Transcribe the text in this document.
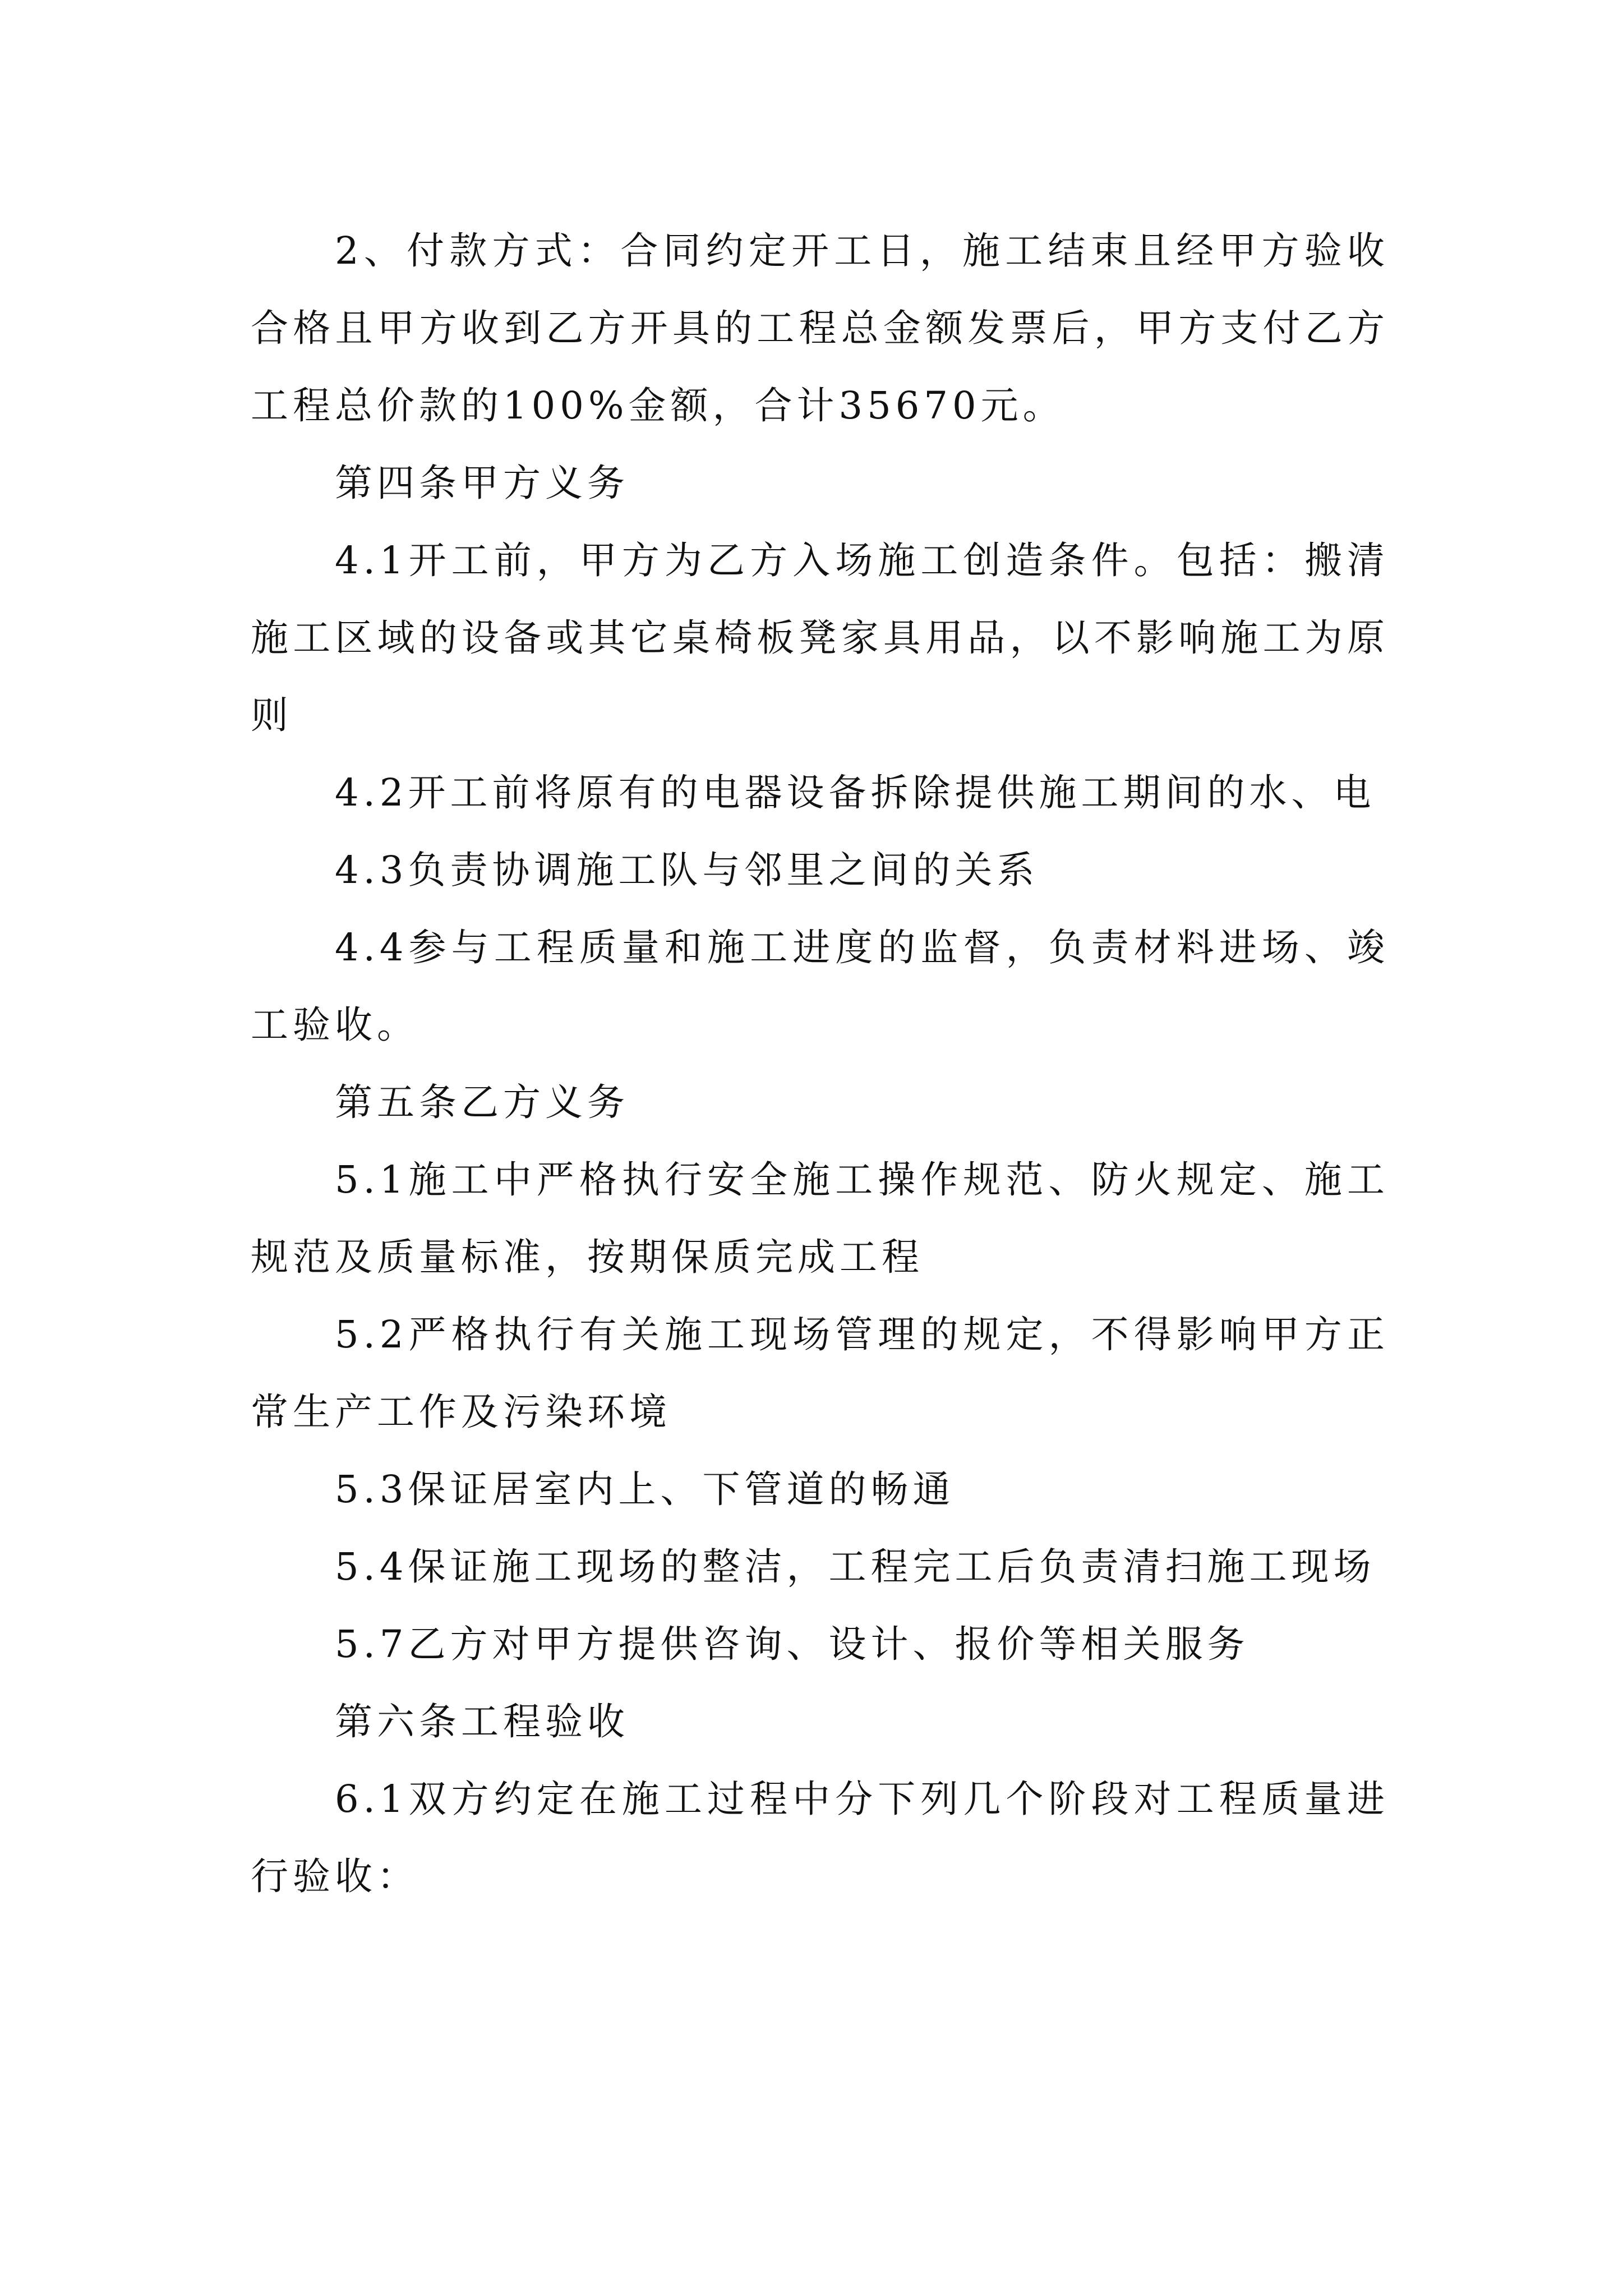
2、付款方式：合同约定开工日，施工结束且经甲方验收合格且甲方收到乙方开具的工程总金额发票后，甲方支付乙方工程总价款的100%金额，合计35670元。

第四条甲方义务

4.1开工前，甲方为乙方入场施工创造条件。包括：搬清施工区域的设备或其它桌椅板凳家具用品，以不影响施工为原则

4.2开工前将原有的电器设备拆除提供施工期间的水、电

4.3负责协调施工队与邻里之间的关系

4.4参与工程质量和施工进度的监督，负责材料进场、竣工验收。

第五条乙方义务

5.1施工中严格执行安全施工操作规范、防火规定、施工规范及质量标准，按期保质完成工程

5.2严格执行有关施工现场管理的规定，不得影响甲方正常生产工作及污染环境

5.3保证居室内上、下管道的畅通

5.4保证施工现场的整洁，工程完工后负责清扫施工现场

5.7乙方对甲方提供咨询、设计、报价等相关服务

第六条工程验收

6.1双方约定在施工过程中分下列几个阶段对工程质量进行验收：
